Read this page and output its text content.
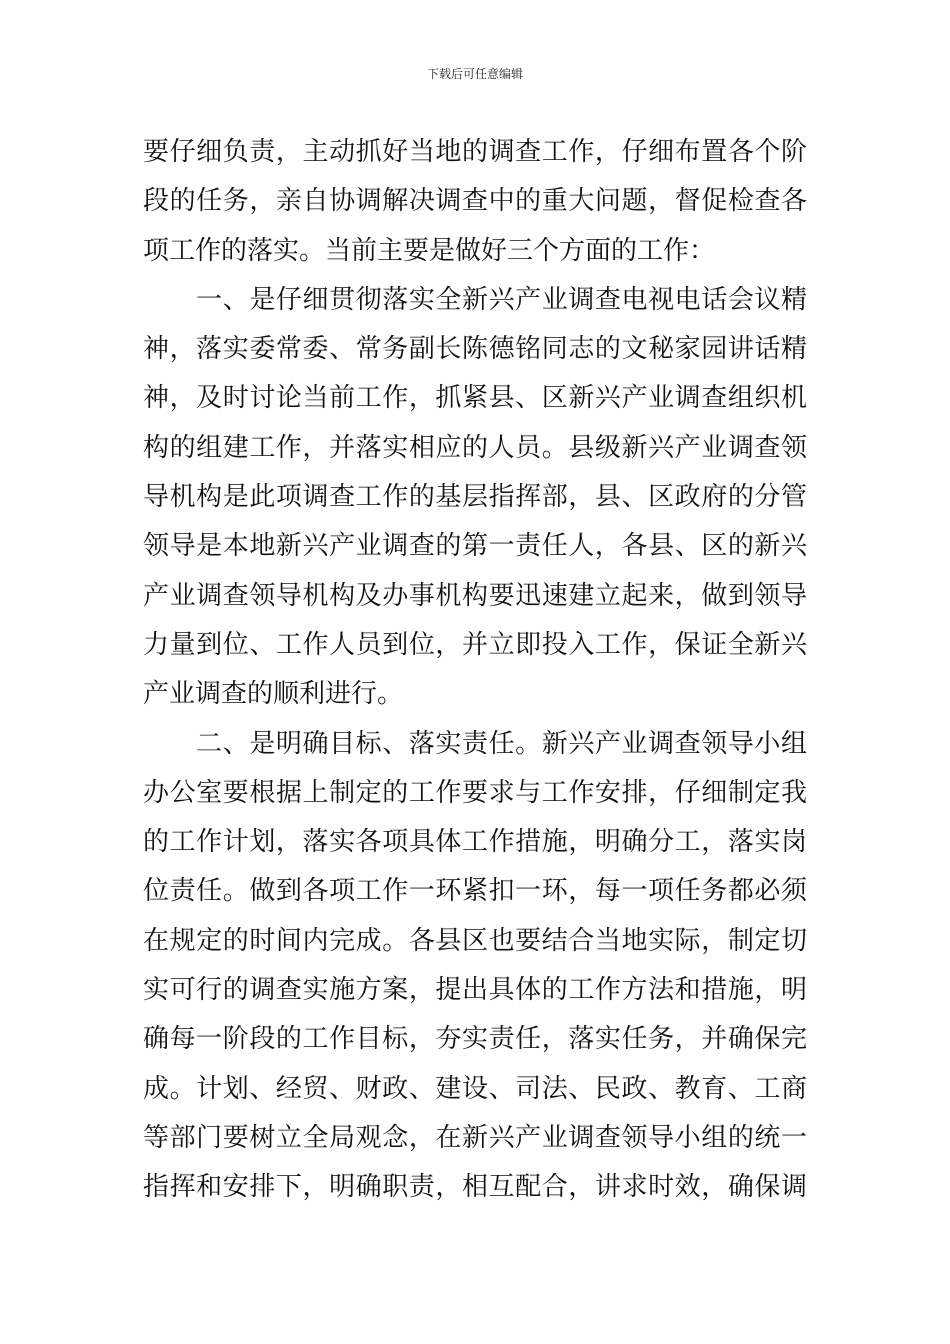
下载后可任意编辑
要仔细负责，主动抓好当地的调查工作，仔细布置各个阶
段的任务，亲自协调解决调查中的重大问题，督促检查各
项工作的落实。当前主要是做好三个方面的工作：
　　一、是仔细贯彻落实全新兴产业调查电视电话会议精
神，落实委常委、常务副长陈德铭同志的文秘家园讲话精
神，及时讨论当前工作，抓紧县、区新兴产业调查组织机
构的组建工作，并落实相应的人员。县级新兴产业调查领
导机构是此项调查工作的基层指挥部，县、区政府的分管
领导是本地新兴产业调查的第一责任人，各县、区的新兴
产业调查领导机构及办事机构要迅速建立起来，做到领导
力量到位、工作人员到位，并立即投入工作，保证全新兴
产业调查的顺利进行。
　　二、是明确目标、落实责任。新兴产业调查领导小组
办公室要根据上制定的工作要求与工作安排，仔细制定我
的工作计划，落实各项具体工作措施，明确分工，落实岗
位责任。做到各项工作一环紧扣一环，每一项任务都必须
在规定的时间内完成。各县区也要结合当地实际，制定切
实可行的调查实施方案，提出具体的工作方法和措施，明
确每一阶段的工作目标，夯实责任，落实任务，并确保完
成。计划、经贸、财政、建设、司法、民政、教育、工商
等部门要树立全局观念，在新兴产业调查领导小组的统一
指挥和安排下，明确职责，相互配合，讲求时效，确保调
